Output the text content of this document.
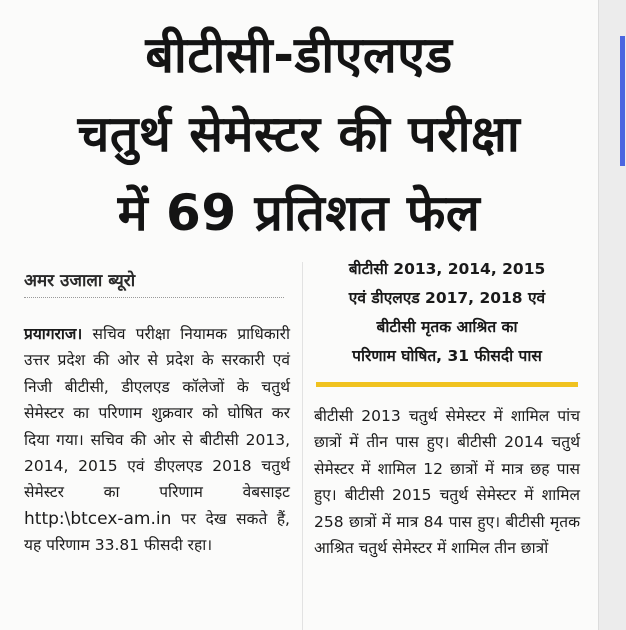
बीटीसी-डीएलएड
चतुर्थ सेमेस्टर की परीक्षा
में 69 प्रतिशत फेल
अमर उजाला ब्यूरो
प्रयागराज। सचिव परीक्षा नियामक प्राधिकारी उत्तर प्रदेश की ओर से प्रदेश के सरकारी एवं निजी बीटीसी, डीएलएड कॉलेजों के चतुर्थ सेमेस्टर का परिणाम शुक्रवार को घोषित कर दिया गया। सचिव की ओर से बीटीसी 2013, 2014, 2015 एवं डीएलएड 2018 चतुर्थ सेमेस्टर का परिणाम वेबसाइट http:\btcex-am.in पर देख सकते हैं, यह परिणाम 33.81 फीसदी रहा।
बीटीसी 2013, 2014, 2015
एवं डीएलएड 2017, 2018 एवं
बीटीसी मृतक आश्रित का
परिणाम घोषित, 31 फीसदी पास
बीटीसी 2013 चतुर्थ सेमेस्टर में शामिल पांच छात्रों में तीन पास हुए। बीटीसी 2014 चतुर्थ सेमेस्टर में शामिल 12 छात्रों में मात्र छह पास हुए। बीटीसी 2015 चतुर्थ सेमेस्टर में शामिल 258 छात्रों में मात्र 84 पास हुए। बीटीसी मृतक आश्रित चतुर्थ सेमेस्टर में शामिल तीन छात्रों
